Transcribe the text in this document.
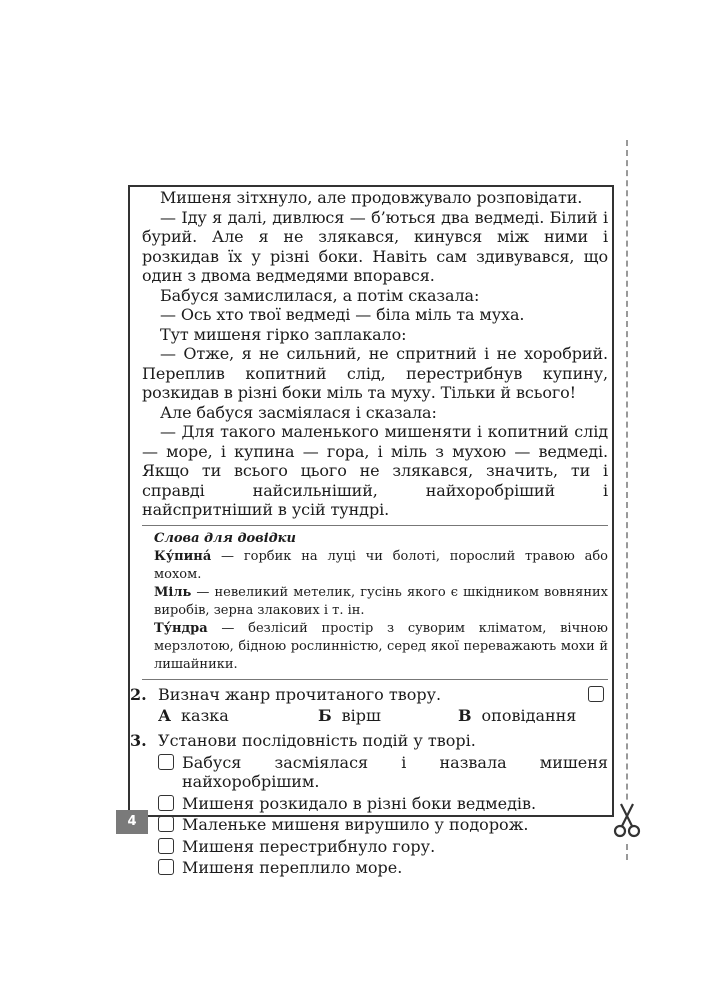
4

Мишеня зітхнуло, але продовжувало розповідати.

— Іду я далі, дивлюся — б’ються два ведмеді. Білий і бурий. Але я не злякався, кинувся між ними і розкидав їх у різні боки. Навіть сам здивувався, що один з двома ведмедями впорався.

Бабуся замислилася, а потім сказала:

— Ось хто твої ведмеді — біла міль та муха.

Тут мишеня гірко заплакало:

— Отже, я не сильний, не спритний і не хоробрий. Переплив копитний слід, перестрибнув купину, розкидав в різні боки міль та муху. Тільки й всього!

Але бабуся засміялася і сказала:

— Для такого маленького мишеняти і копитний слід — море, і купина — гора, і міль з мухою — ведмеді. Якщо ти всього цього не злякався, значить, ти і справді найсильніший, найхоробріший і найспритніший в усій тундрі.

Слова для довідки

Ку́пина́ — горбик на луці чи болоті, порослий травою або мохом.

Міль — невеликий метелик, гусінь якого є шкідником вовняних виробів, зерна злакових і т. ін.

Ту́ндра — безлісий простір з суворим кліматом, вічною мерзлотою, бідною рослинністю, серед якої переважають мохи й лишайники.

2. Визнач жанр прочитаного твору.
А казка	Б вірш	В оповідання
3. Установи послідовність подій у творі.
Бабуся засміялася і назвала мишеня найхоробрішим.
Мишеня розкидало в різні боки ведмедів.
Маленьке мишеня вирушило у подорож.
Мишеня перестрибнуло гору.
Мишеня переплило море.
